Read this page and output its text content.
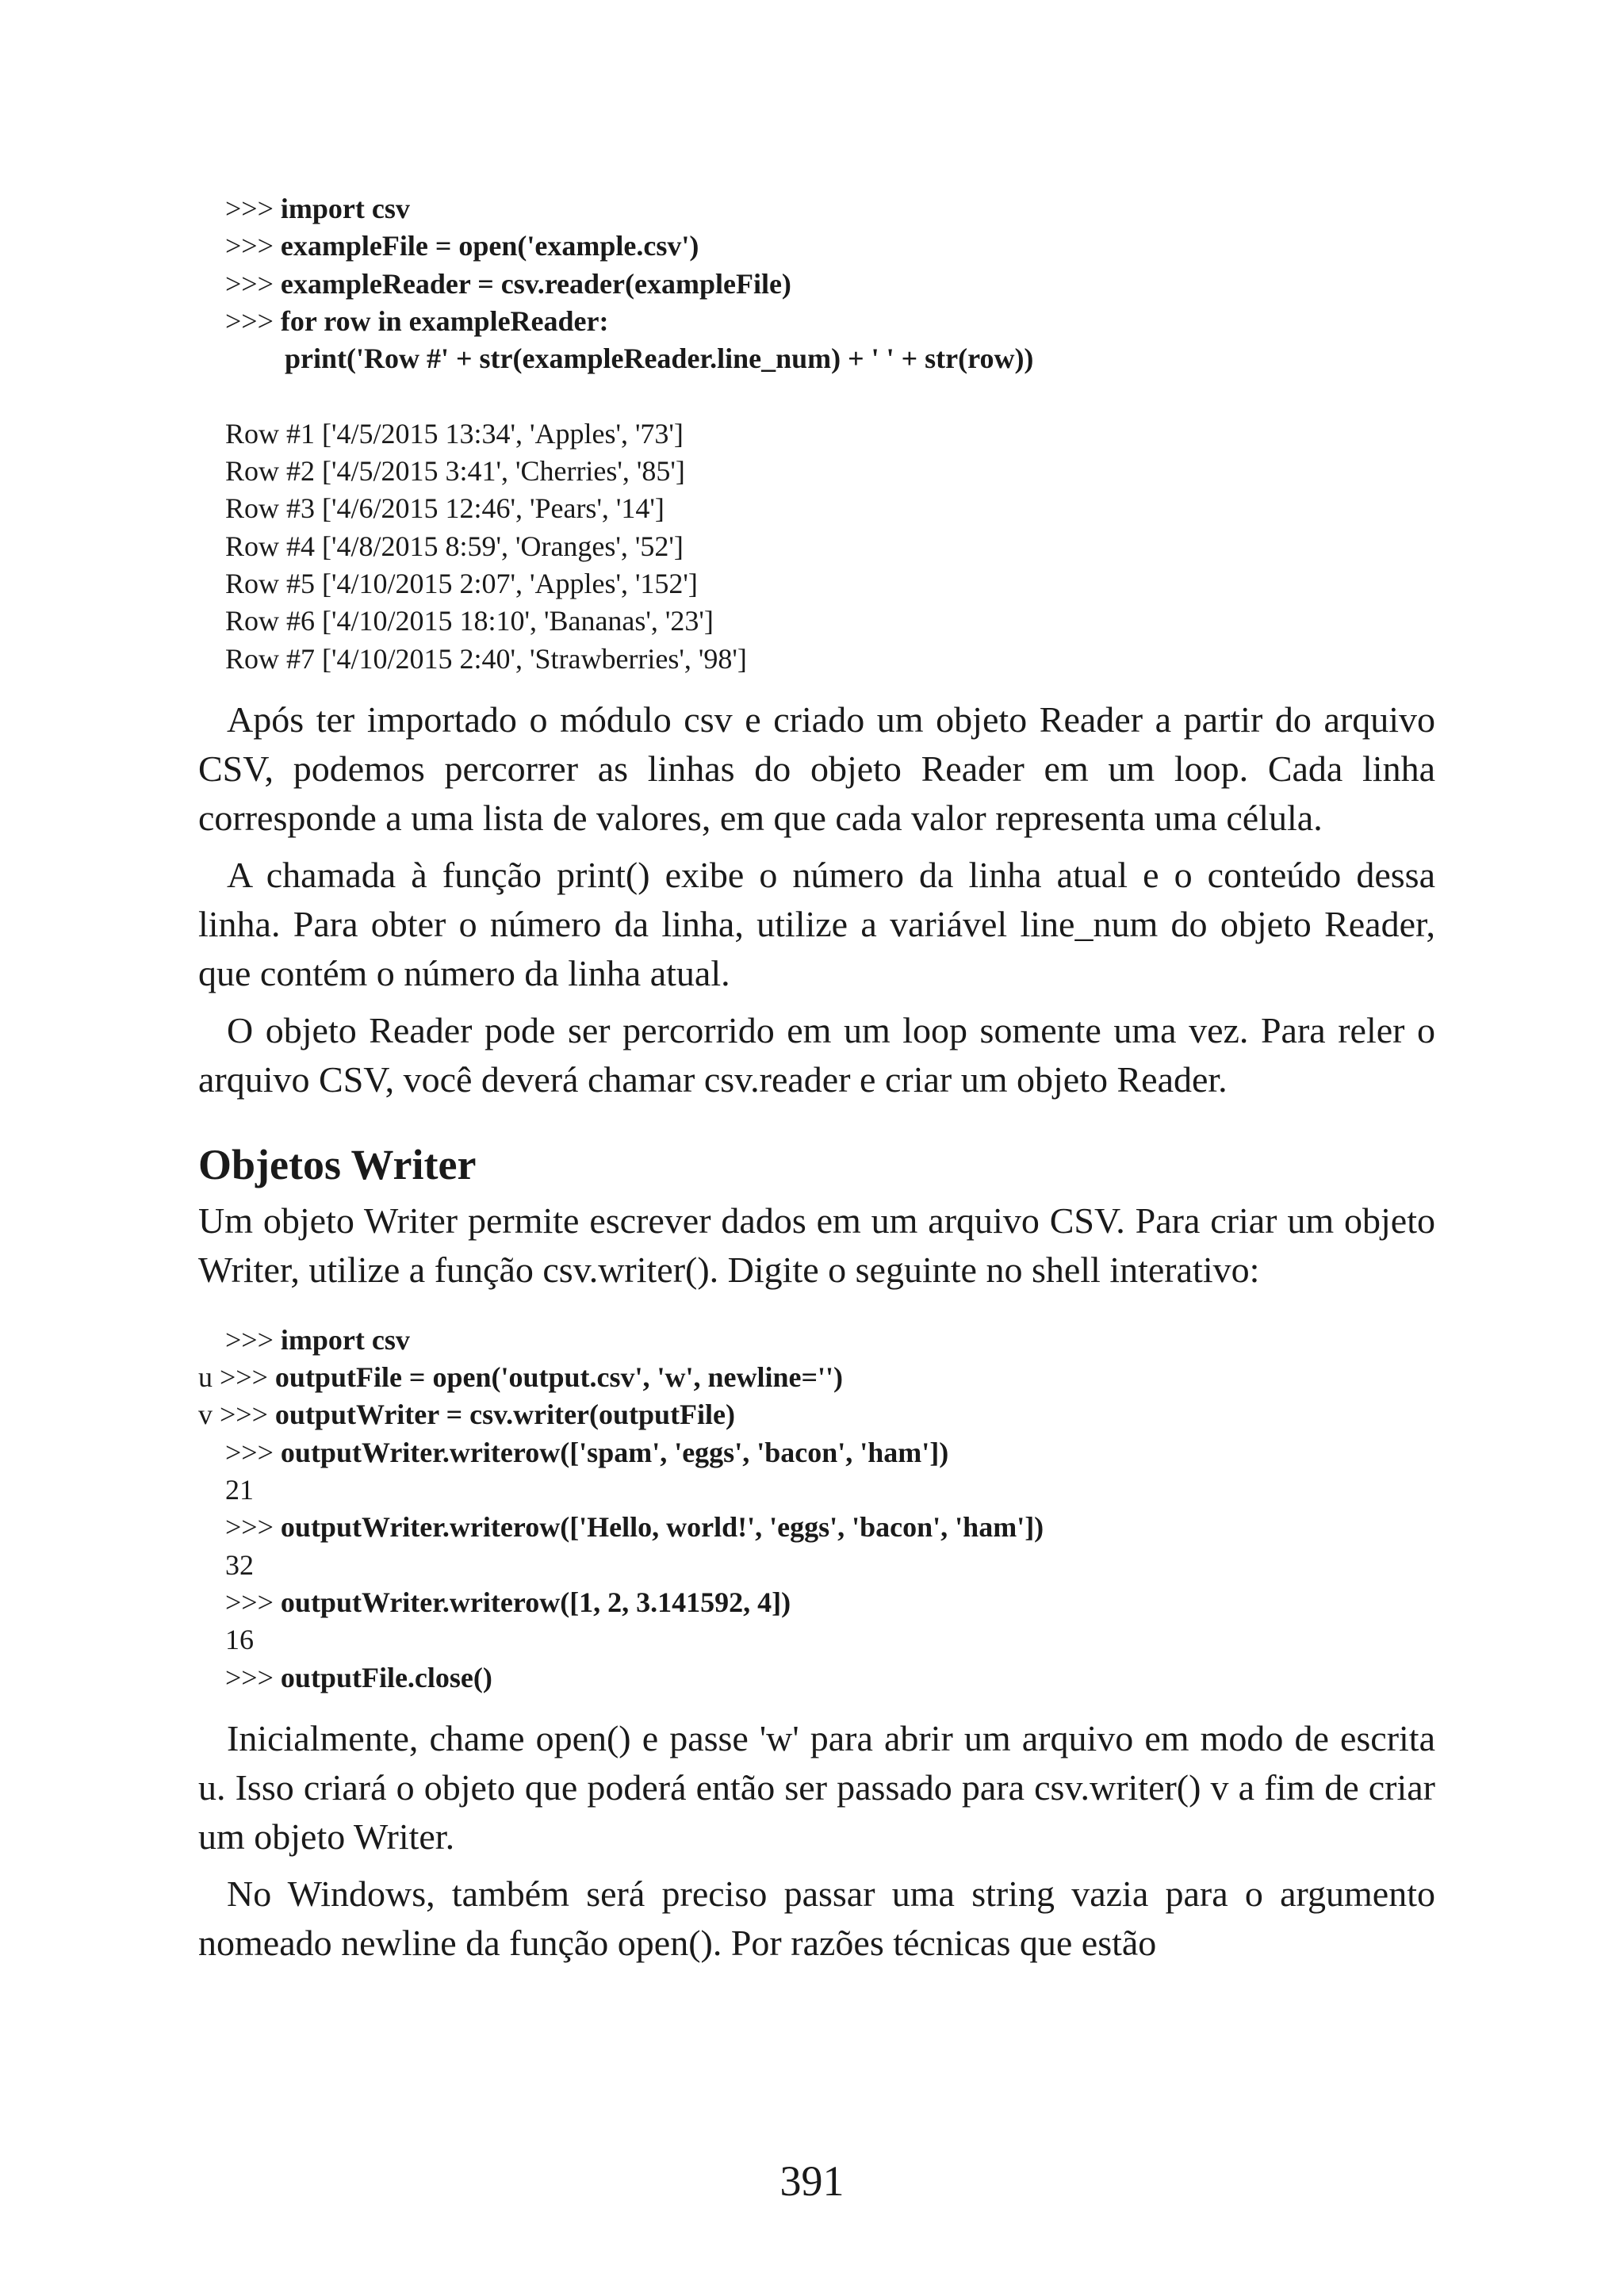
>>> import csv
>>> exampleFile = open('example.csv')
>>> exampleReader = csv.reader(exampleFile)
>>> for row in exampleReader:
print('Row #' + str(exampleReader.line_num) + ' ' + str(row))
Row #1 ['4/5/2015 13:34', 'Apples', '73']
Row #2 ['4/5/2015 3:41', 'Cherries', '85']
Row #3 ['4/6/2015 12:46', 'Pears', '14']
Row #4 ['4/8/2015 8:59', 'Oranges', '52']
Row #5 ['4/10/2015 2:07', 'Apples', '152']
Row #6 ['4/10/2015 18:10', 'Bananas', '23']
Row #7 ['4/10/2015 2:40', 'Strawberries', '98']

Após ter importado o módulo csv e criado um objeto Reader a partir do arquivo CSV, podemos percorrer as linhas do objeto Reader em um loop. Cada linha corresponde a uma lista de valores, em que cada valor representa uma célula.

A chamada à função print() exibe o número da linha atual e o conteúdo dessa linha. Para obter o número da linha, utilize a variável line_num do objeto Reader, que contém o número da linha atual.

O objeto Reader pode ser percorrido em um loop somente uma vez. Para reler o arquivo CSV, você deverá chamar csv.reader e criar um objeto Reader.

Objetos Writer

Um objeto Writer permite escrever dados em um arquivo CSV. Para criar um objeto Writer, utilize a função csv.writer(). Digite o seguinte no shell interativo:

>>> import csv
u >>> outputFile = open('output.csv', 'w', newline='')
v >>> outputWriter = csv.writer(outputFile)
>>> outputWriter.writerow(['spam', 'eggs', 'bacon', 'ham'])
21
>>> outputWriter.writerow(['Hello, world!', 'eggs', 'bacon', 'ham'])
32
>>> outputWriter.writerow([1, 2, 3.141592, 4])
16
>>> outputFile.close()

Inicialmente, chame open() e passe 'w' para abrir um arquivo em modo de escrita u. Isso criará o objeto que poderá então ser passado para csv.writer() v a fim de criar um objeto Writer.

No Windows, também será preciso passar uma string vazia para o argumento nomeado newline da função open(). Por razões técnicas que estão

391
